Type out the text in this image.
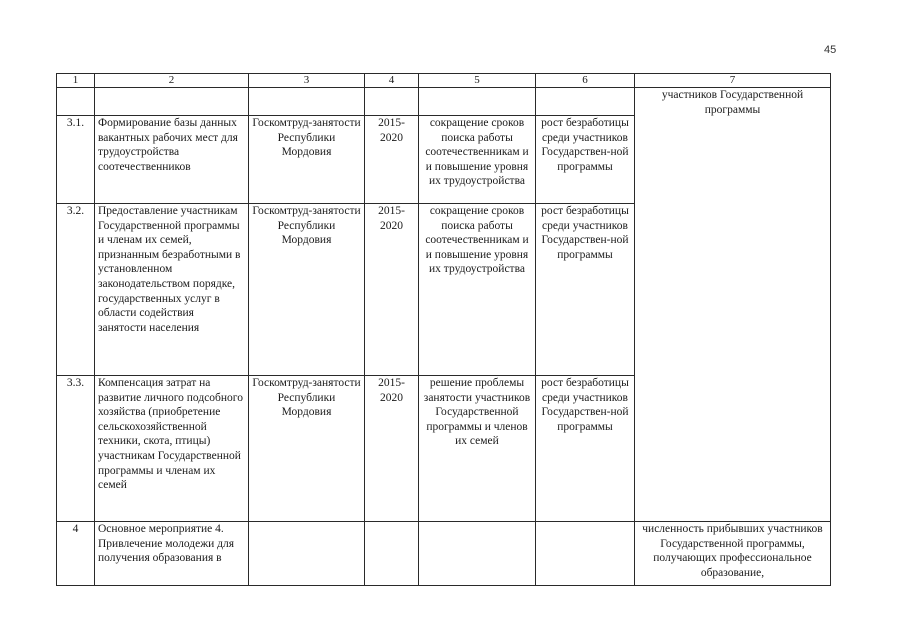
45
1	2	3	4	5	6	7
						участников Государственной программы
3.1.	Формирование базы данных вакантных рабочих мест для трудоустройства соотечественников	Госкомтруд-занятости Республики Мордовия	2015-2020	сокращение сроков поиска работы соотечественникам и и повышение уровня их трудоустройства	рост безработицы среди участников Государствен-ной программы	
3.2.	Предоставление участникам Государственной программы и членам их семей, признанным безработными в установленном законодательством порядке, государственных услуг в области содействия занятости населения	Госкомтруд-занятости Республики Мордовия	2015-2020	сокращение сроков поиска работы соотечественникам и и повышение уровня их трудоустройства	рост безработицы среди участников Государствен-ной программы	
3.3.	Компенсация затрат на развитие личного подсобного хозяйства (приобретение сельскохозяйственной техники, скота, птицы) участникам Государственной программы и членам их семей	Госкомтруд-занятости Республики Мордовия	2015-2020	решение проблемы занятости участников Государственной программы и членов их семей	рост безработицы среди участников Государствен-ной программы	
4	Основное мероприятие 4. Привлечение молодежи для получения образования в					численность прибывших участников Государственной программы, получающих профессиональное образование,
